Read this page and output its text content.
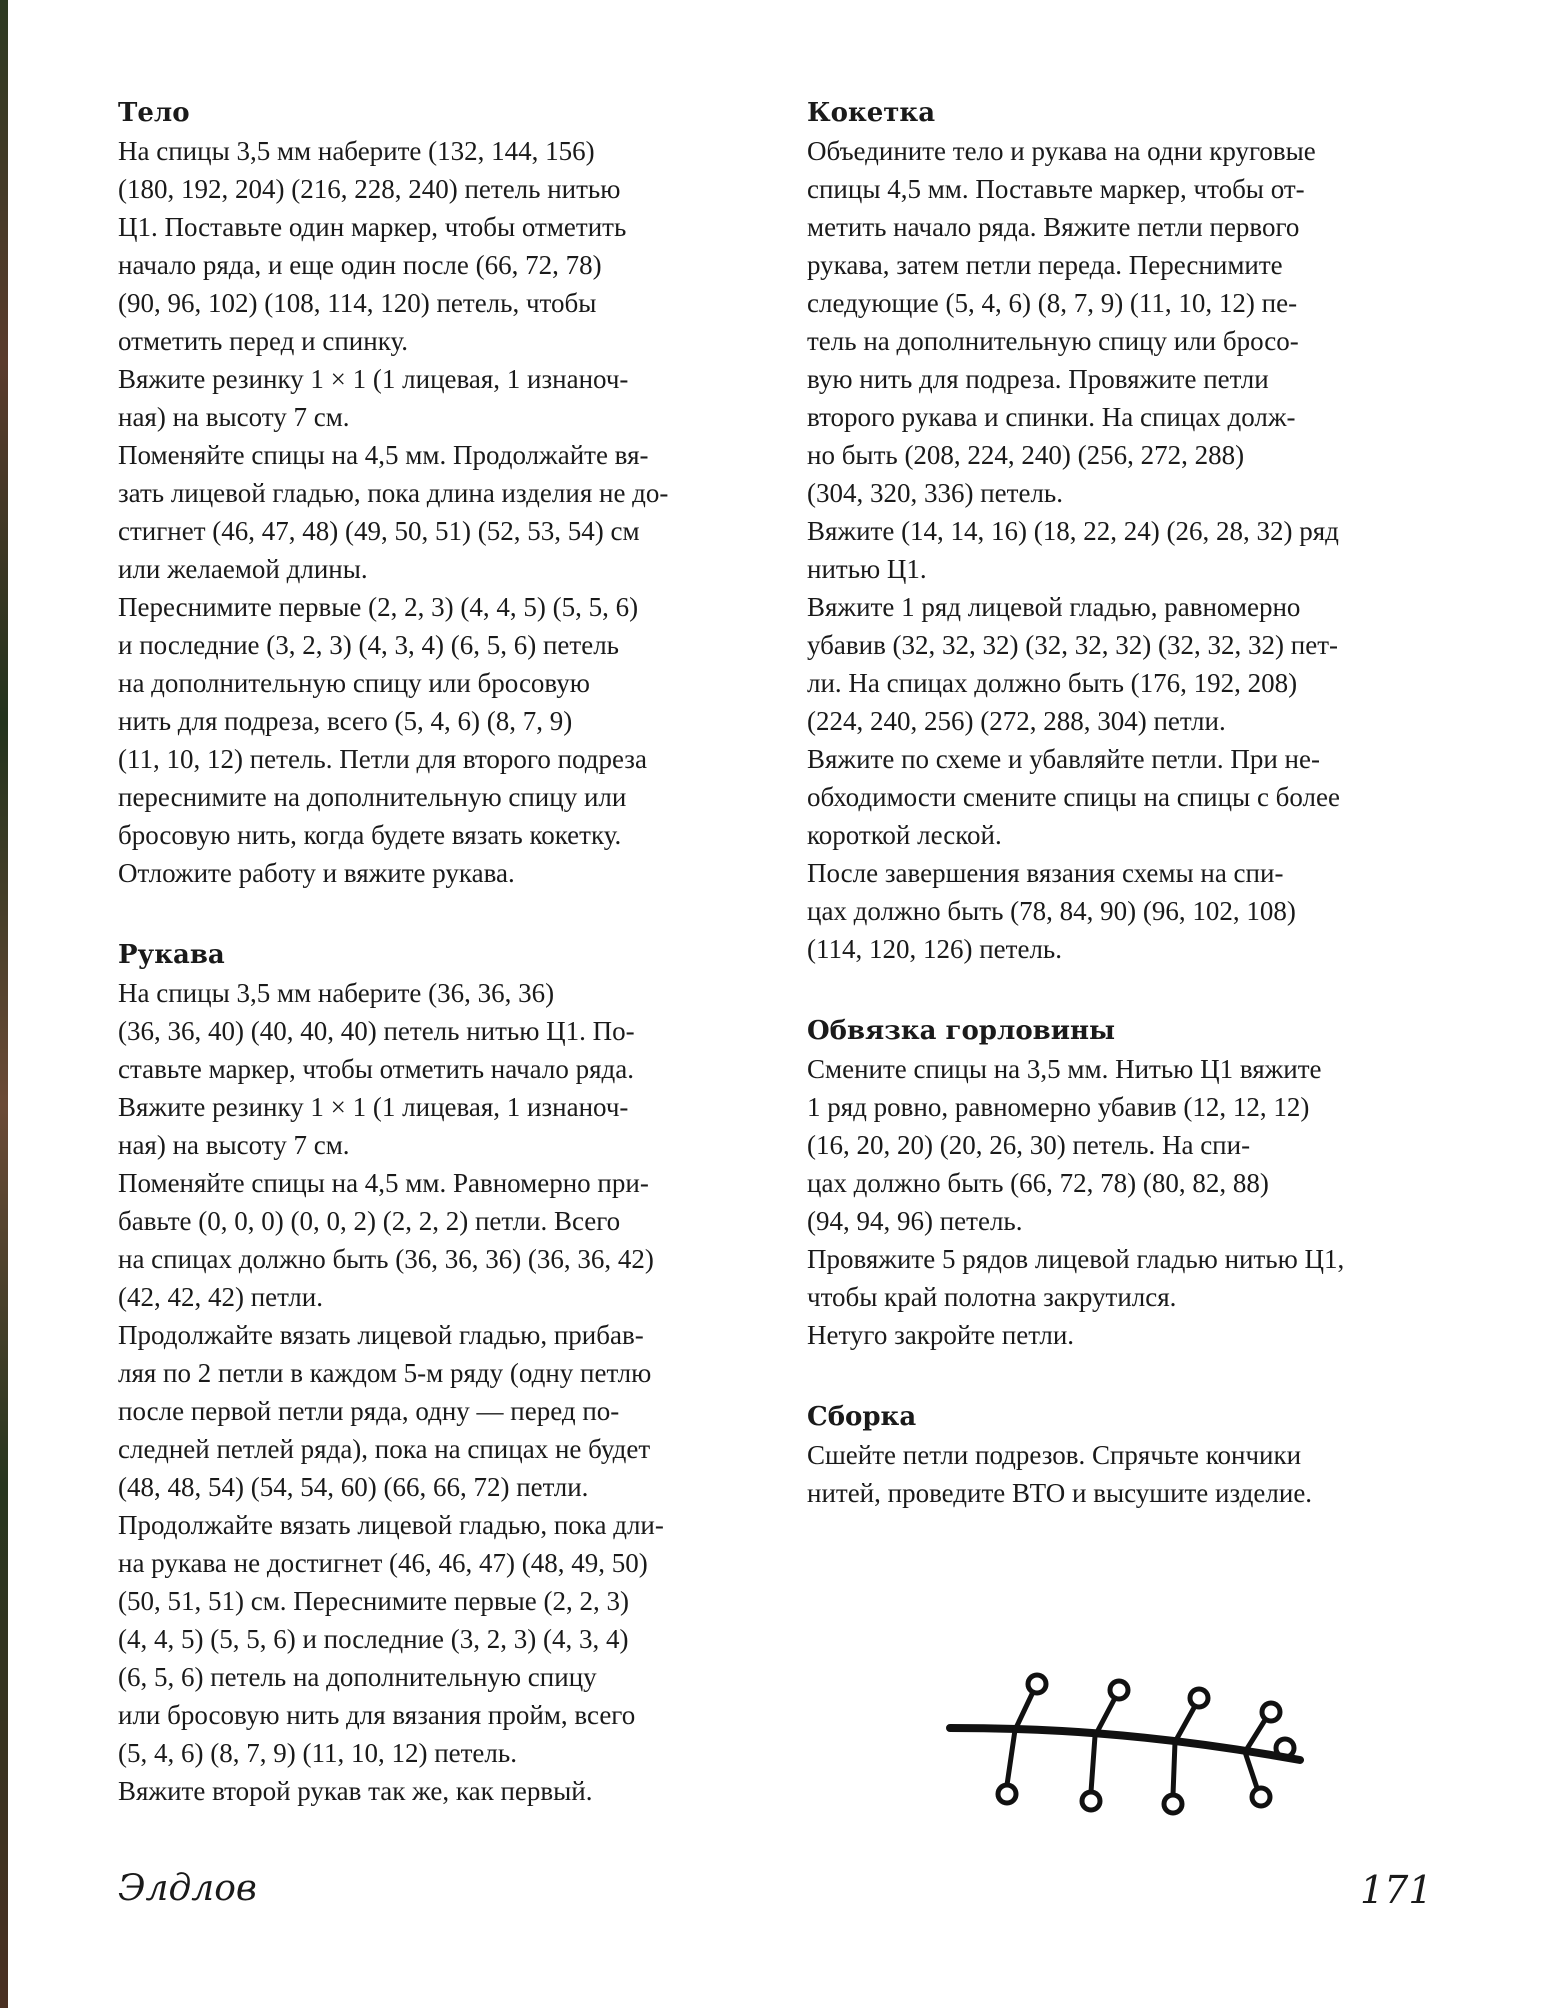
Тело

На спицы 3,5 мм наберите (132, 144, 156)
(180, 192, 204) (216, 228, 240) петель нитью
Ц1. Поставьте один маркер, чтобы отметить
начало ряда, и еще один после (66, 72, 78)
(90, 96, 102) (108, 114, 120) петель, чтобы
отметить перед и спинку.
Вяжите резинку 1 × 1 (1 лицевая, 1 изнаноч-
ная) на высоту 7 см.
Поменяйте спицы на 4,5 мм. Продолжайте вя-
зать лицевой гладью, пока длина изделия не до-
стигнет (46, 47, 48) (49, 50, 51) (52, 53, 54) см
или желаемой длины.
Переснимите первые (2, 2, 3) (4, 4, 5) (5, 5, 6)
и последние (3, 2, 3) (4, 3, 4) (6, 5, 6) петель
на дополнительную спицу или бросовую
нить для подреза, всего (5, 4, 6) (8, 7, 9)
(11, 10, 12) петель. Петли для второго подреза
переснимите на дополнительную спицу или
бросовую нить, когда будете вязать кокетку.
Отложите работу и вяжите рукава.

Рукава

На спицы 3,5 мм наберите (36, 36, 36)
(36, 36, 40) (40, 40, 40) петель нитью Ц1. По-
ставьте маркер, чтобы отметить начало ряда.
Вяжите резинку 1 × 1 (1 лицевая, 1 изнаноч-
ная) на высоту 7 см.
Поменяйте спицы на 4,5 мм. Равномерно при-
бавьте (0, 0, 0) (0, 0, 2) (2, 2, 2) петли. Всего
на спицах должно быть (36, 36, 36) (36, 36, 42)
(42, 42, 42) петли.
Продолжайте вязать лицевой гладью, прибав-
ляя по 2 петли в каждом 5-м ряду (одну петлю
после первой петли ряда, одну — перед по-
следней петлей ряда), пока на спицах не будет
(48, 48, 54) (54, 54, 60) (66, 66, 72) петли.
Продолжайте вязать лицевой гладью, пока дли-
на рукава не достигнет (46, 46, 47) (48, 49, 50)
(50, 51, 51) см. Переснимите первые (2, 2, 3)
(4, 4, 5) (5, 5, 6) и последние (3, 2, 3) (4, 3, 4)
(6, 5, 6) петель на дополнительную спицу
или бросовую нить для вязания пройм, всего
(5, 4, 6) (8, 7, 9) (11, 10, 12) петель.
Вяжите второй рукав так же, как первый.

Кокетка

Объедините тело и рукава на одни круговые
спицы 4,5 мм. Поставьте маркер, чтобы от-
метить начало ряда. Вяжите петли первого
рукава, затем петли переда. Переснимите
следующие (5, 4, 6) (8, 7, 9) (11, 10, 12) пе-
тель на дополнительную спицу или бросо-
вую нить для подреза. Провяжите петли
второго рукава и спинки. На спицах долж-
но быть (208, 224, 240) (256, 272, 288)
(304, 320, 336) петель.
Вяжите (14, 14, 16) (18, 22, 24) (26, 28, 32) ряд
нитью Ц1.
Вяжите 1 ряд лицевой гладью, равномерно
убавив (32, 32, 32) (32, 32, 32) (32, 32, 32) пет-
ли. На спицах должно быть (176, 192, 208)
(224, 240, 256) (272, 288, 304) петли.
Вяжите по схеме и убавляйте петли. При не-
обходимости смените спицы на спицы с более
короткой леской.
После завершения вязания схемы на спи-
цах должно быть (78, 84, 90) (96, 102, 108)
(114, 120, 126) петель.

Обвязка горловины

Смените спицы на 3,5 мм. Нитью Ц1 вяжите
1 ряд ровно, равномерно убавив (12, 12, 12)
(16, 20, 20) (20, 26, 30) петель. На спи-
цах должно быть (66, 72, 78) (80, 82, 88)
(94, 94, 96) петель.
Провяжите 5 рядов лицевой гладью нитью Ц1,
чтобы край полотна закрутился.
Нетуго закройте петли.

Сборка

Сшейте петли подрезов. Спрячьте кончики
нитей, проведите ВТО и высушите изделие.

Элдлов	171
